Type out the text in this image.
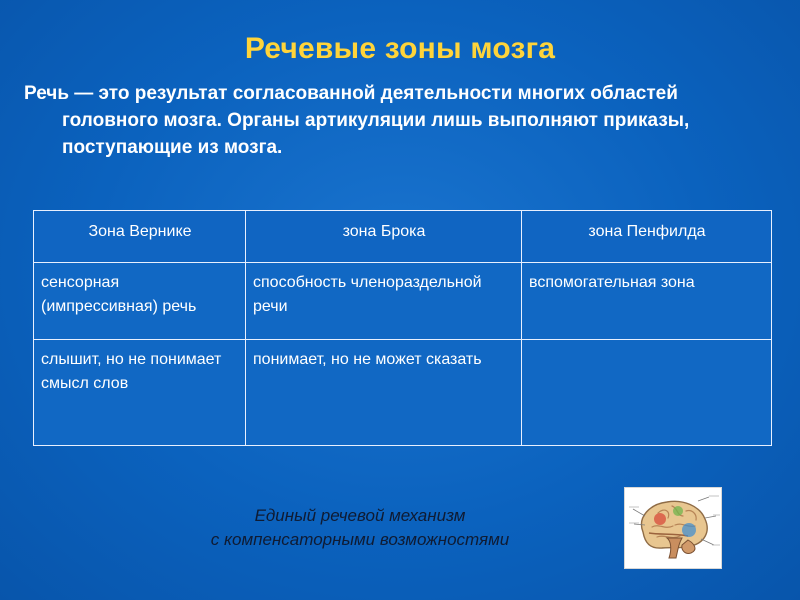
Речевые зоны мозга
Речь — это результат согласованной деятельности многих областей головного мозга. Органы артикуляции лишь выполняют приказы, поступающие из мозга.
Зона Вернике	зона Брока	зона Пенфилда
сенсорная (импрессивная) речь	способность членораздельной речи	вспомогательная зона
слышит, но не понимает смысл слов	понимает, но не может сказать	
Единый речевой механизм
с компенсаторными возможностями
